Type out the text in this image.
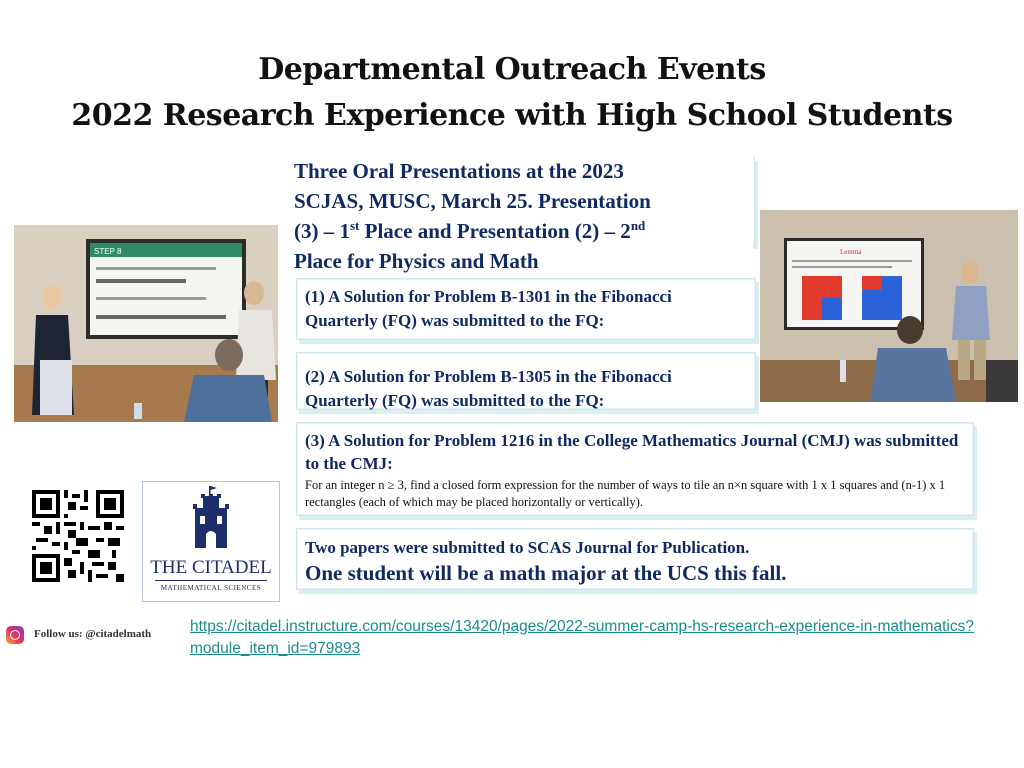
Departmental Outreach Events
2022 Research Experience with High School Students
Three Oral Presentations at the 2023
SCJAS, MUSC, March 25. Presentation
(3) – 1st Place and Presentation (2) – 2nd
Place for Physics and Math
(1) A Solution for Problem B-1301 in the Fibonacci Quarterly (FQ) was submitted to the FQ:
(2) A Solution for Problem B-1305 in the Fibonacci Quarterly (FQ) was submitted to the FQ:
(3) A Solution for Problem 1216 in the College Mathematics Journal (CMJ) was submitted to the CMJ:
For an integer n ≥ 3, find a closed form expression for the number of ways to tile an n×n square with 1 x 1 squares and (n-1) x 1 rectangles (each of which may be placed horizontally or vertically).
Two papers were submitted to SCAS Journal for Publication.
One student will be a math major at the UCS this fall.
STEP 8	Lemma
THE CITADEL
MATHEMATICAL SCIENCES
Follow us: @citadelmath	https://citadel.instructure.com/courses/13420/pages/2022-summer-camp-hs-research-experience-in-mathematics?module_item_id=979893
